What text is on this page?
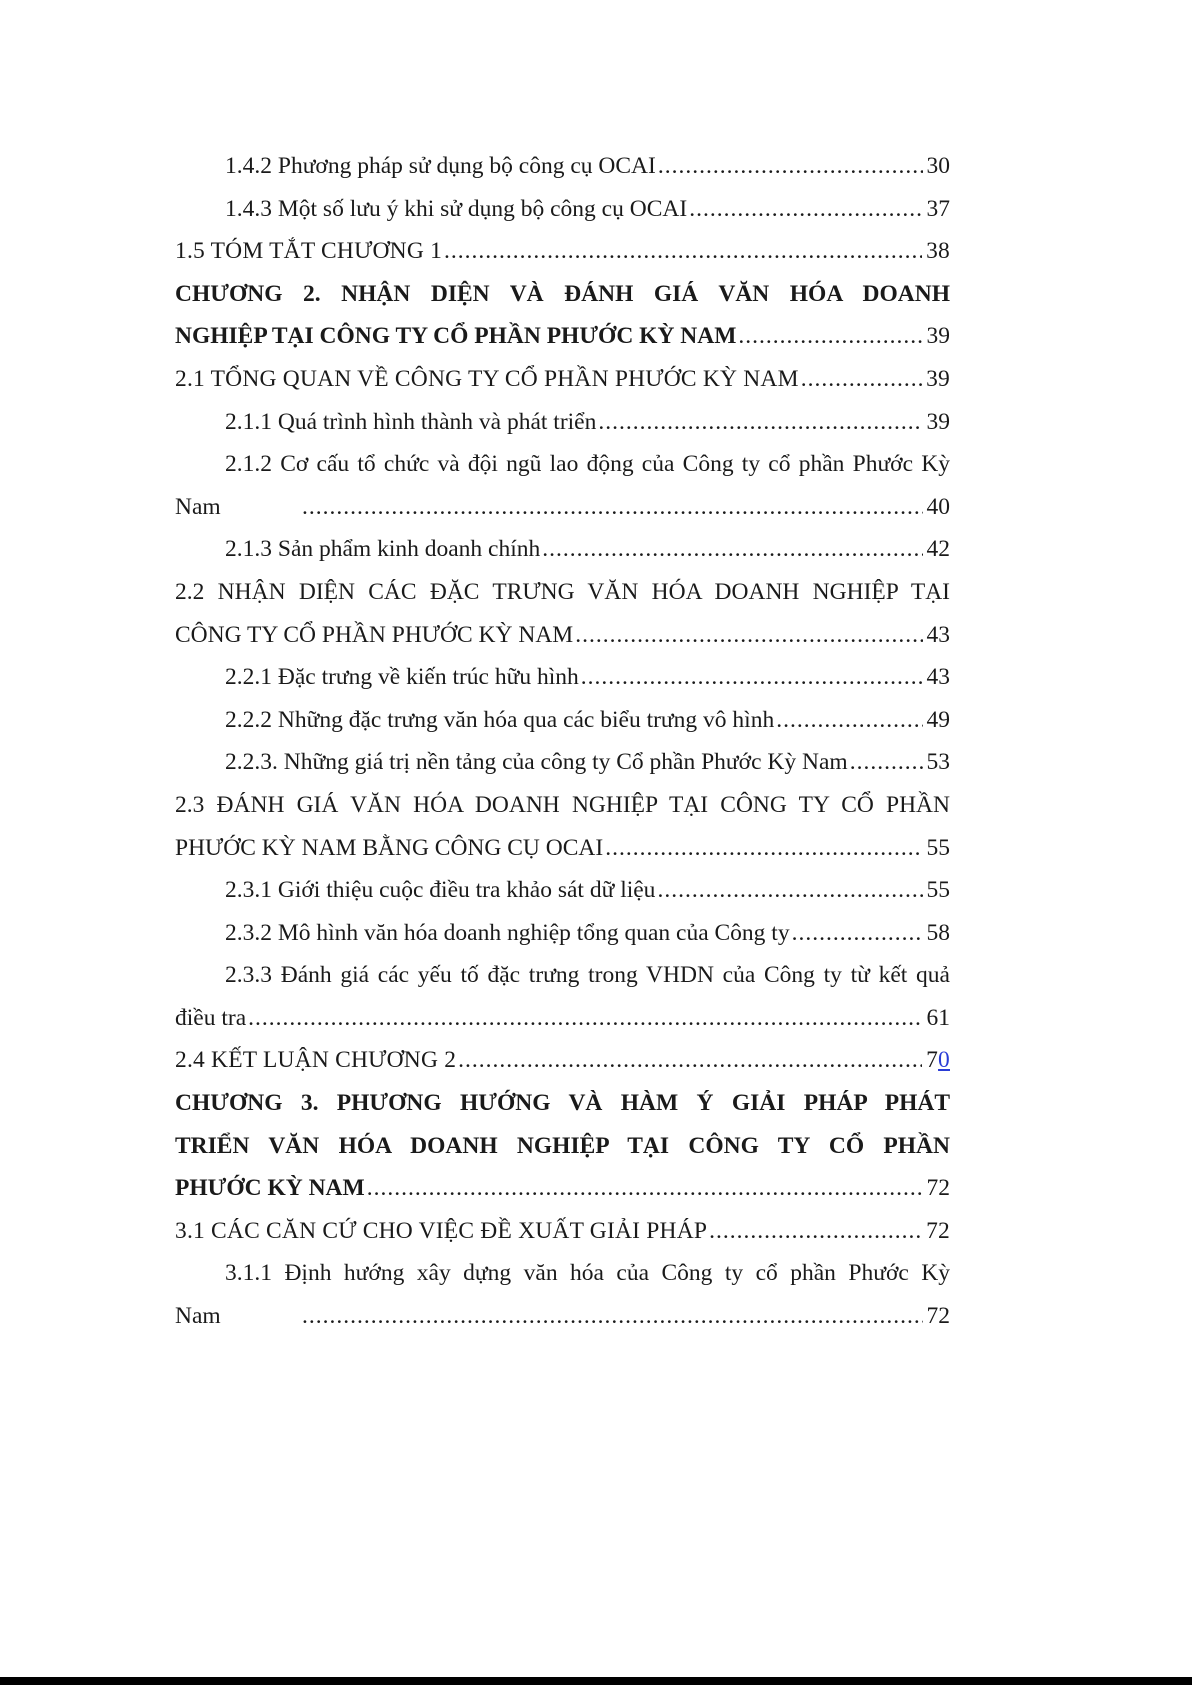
1.4.2 Phương pháp sử dụng bộ công cụ OCAI .....	30
1.4.3 Một số lưu ý khi sử dụng bộ công cụ OCAI .....	37
1.5 TÓM TẮT CHƯƠNG 1 .....	38
CHƯƠNG 2. NHẬN DIỆN VÀ ĐÁNH GIÁ VĂN HÓA DOANH
NGHIỆP TẠI CÔNG TY CỔ PHẦN PHƯỚC KỲ NAM .....	39
2.1 TỔNG QUAN VỀ CÔNG TY CỔ PHẦN PHƯỚC KỲ NAM .....	39
2.1.1 Quá trình hình thành và phát triển .....	39
2.1.2 Cơ cấu tổ chức và đội ngũ lao động của Công ty cổ phần Phước Kỳ
Nam .....	40
2.1.3 Sản phẩm kinh doanh chính .....	42
2.2 NHẬN DIỆN CÁC ĐẶC TRƯNG VĂN HÓA DOANH NGHIỆP TẠI
CÔNG TY CỔ PHẦN PHƯỚC KỲ NAM .....	43
2.2.1 Đặc trưng về kiến trúc hữu hình .....	43
2.2.2 Những đặc trưng văn hóa qua các biểu trưng vô hình .....	49
2.2.3. Những giá trị nền tảng của công ty Cổ phần Phước Kỳ Nam .....	53
2.3 ĐÁNH GIÁ VĂN HÓA DOANH NGHIỆP TẠI CÔNG TY CỔ PHẦN
PHƯỚC KỲ NAM BẰNG CÔNG CỤ OCAI .....	55
2.3.1 Giới thiệu cuộc điều tra khảo sát dữ liệu .....	55
2.3.2 Mô hình văn hóa doanh nghiệp tổng quan của Công ty .....	58
2.3.3 Đánh giá các yếu tố đặc trưng trong VHDN của Công ty từ kết quả
điều tra .....	61
2.4 KẾT LUẬN CHƯƠNG 2 .....	70
CHƯƠNG 3. PHƯƠNG HƯỚNG VÀ HÀM Ý GIẢI PHÁP PHÁT
TRIỂN VĂN HÓA DOANH NGHIỆP TẠI CÔNG TY CỔ PHẦN
PHƯỚC KỲ NAM .....	72
3.1 CÁC CĂN CỨ CHO VIỆC ĐỀ XUẤT GIẢI PHÁP .....	72
3.1.1 Định hướng xây dựng văn hóa của Công ty cổ phần Phước Kỳ
Nam .....	72
